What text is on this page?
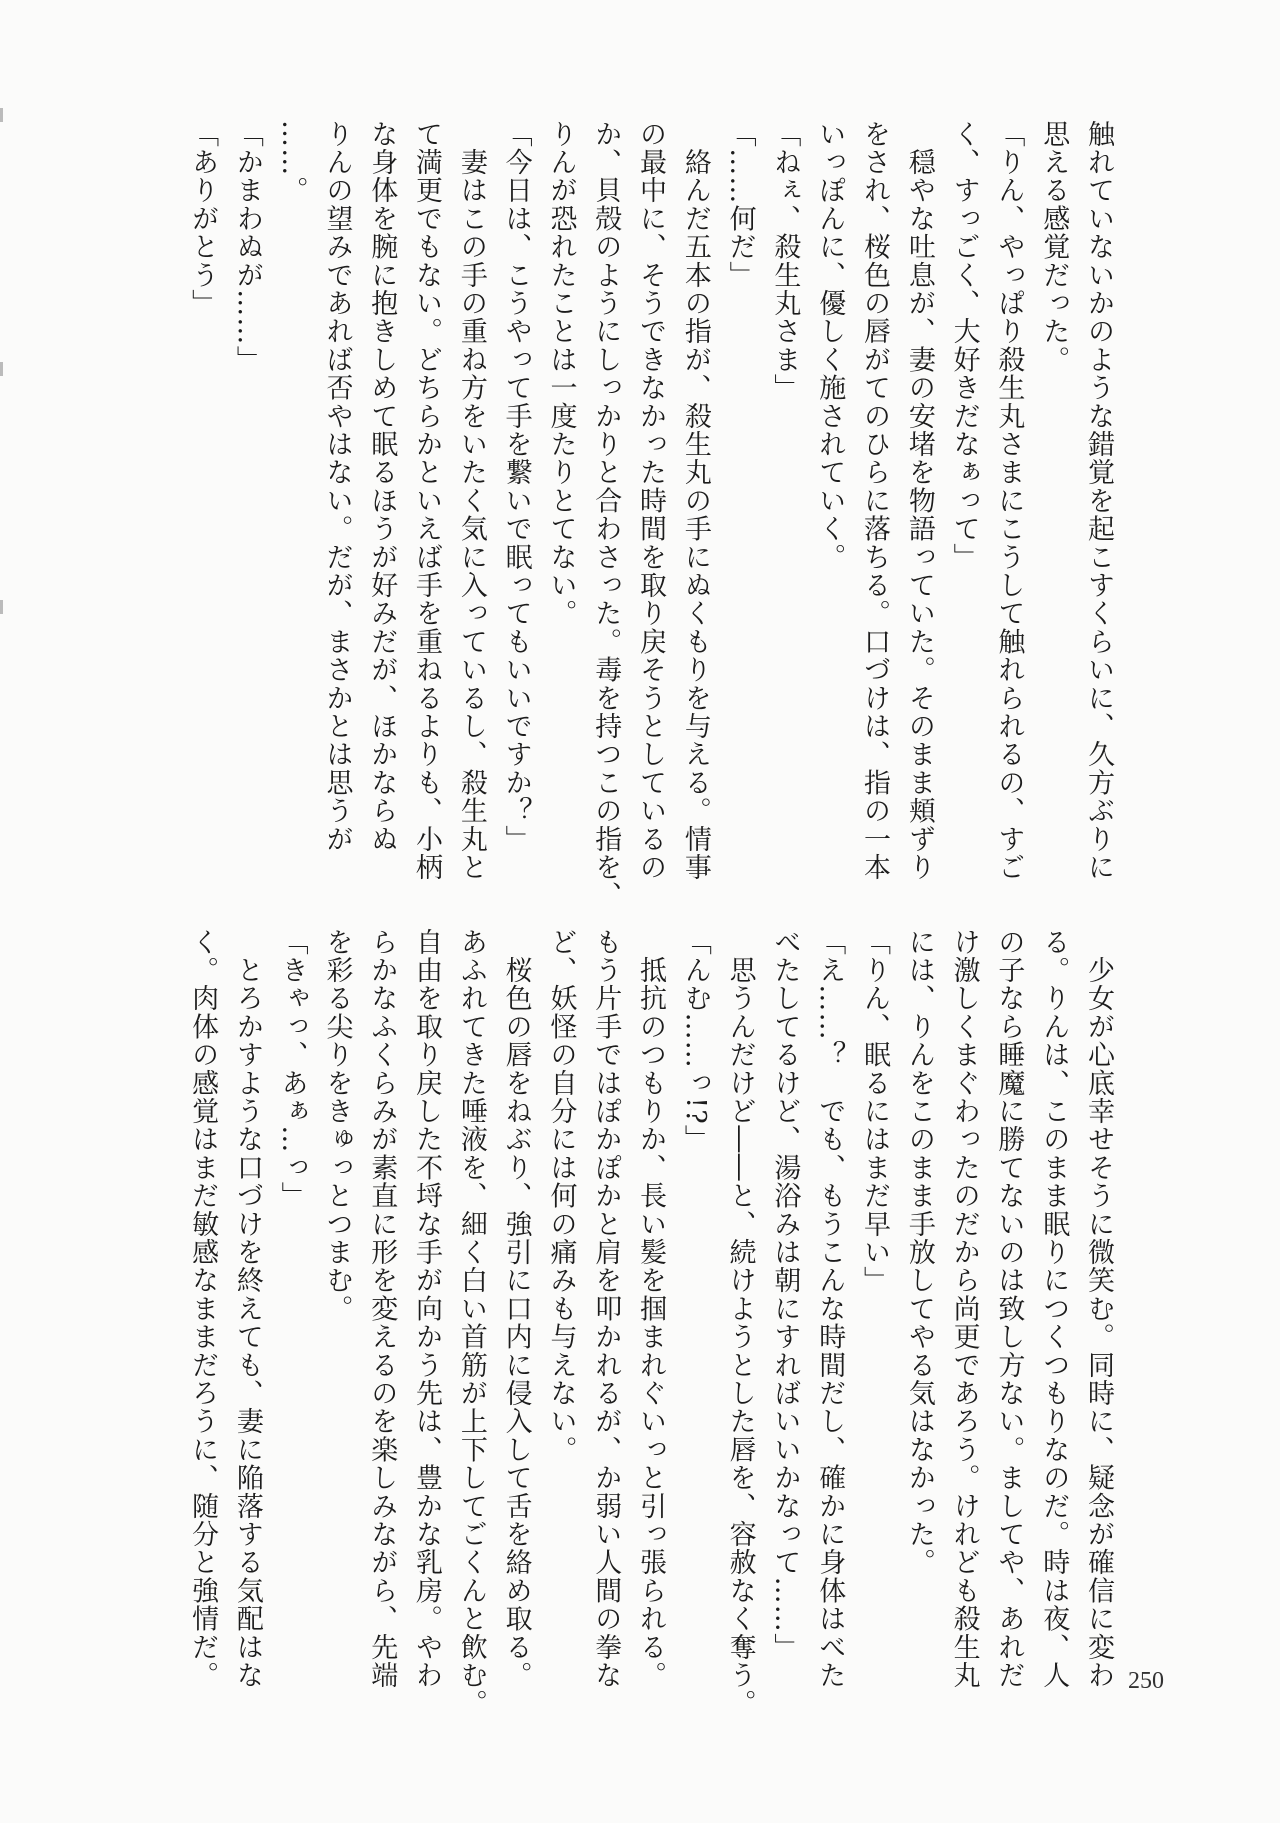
触れていないかのような錯覚を起こすくらいに、久方ぶりに
思える感覚だった。
「りん、やっぱり殺生丸さまにこうして触れられるの、すご
く、すっごく、大好きだなぁって」
　穏やな吐息が、妻の安堵を物語っていた。そのまま頬ずり
をされ、桜色の唇がてのひらに落ちる。口づけは、指の一本
いっぽんに、優しく施されていく。
「ねぇ、殺生丸さま」
「……何だ」
　絡んだ五本の指が、殺生丸の手にぬくもりを与える。情事
の最中に、そうできなかった時間を取り戻そうとしているの
か、貝殻のようにしっかりと合わさった。毒を持つこの指を、
りんが恐れたことは一度たりとてない。
「今日は、こうやって手を繋いで眠ってもいいですか？」
　妻はこの手の重ね方をいたく気に入っているし、殺生丸と
て満更でもない。どちらかといえば手を重ねるよりも、小柄
な身体を腕に抱きしめて眠るほうが好みだが、ほかならぬ
りんの望みであれば否やはない。だが、まさかとは思うが
……。
「かまわぬが……」
「ありがとう」
　少女が心底幸せそうに微笑む。同時に、疑念が確信に変わ
る。りんは、このまま眠りにつくつもりなのだ。時は夜、人
の子なら睡魔に勝てないのは致し方ない。ましてや、あれだ
け激しくまぐわったのだから尚更であろう。けれども殺生丸
には、りんをこのまま手放してやる気はなかった。
「りん、眠るにはまだ早い」
「え……？　でも、もうこんな時間だし、確かに身体はべた
べたしてるけど、湯浴みは朝にすればいいかなって……」
　思うんだけど――と、続けようとした唇を、容赦なく奪う。
「んむ……っ!?」
　抵抗のつもりか、長い髪を掴まれぐいっと引っ張られる。
もう片手ではぽかぽかと肩を叩かれるが、か弱い人間の拳な
ど、妖怪の自分には何の痛みも与えない。
　桜色の唇をねぶり、強引に口内に侵入して舌を絡め取る。
あふれてきた唾液を、細く白い首筋が上下してごくんと飲む。
自由を取り戻した不埒な手が向かう先は、豊かな乳房。やわ
らかなふくらみが素直に形を変えるのを楽しみながら、先端
を彩る尖りをきゅっとつまむ。
「きゃっ、あぁ…っ」
　とろかすような口づけを終えても、妻に陥落する気配はな
く。肉体の感覚はまだ敏感なままだろうに、随分と強情だ。	250
